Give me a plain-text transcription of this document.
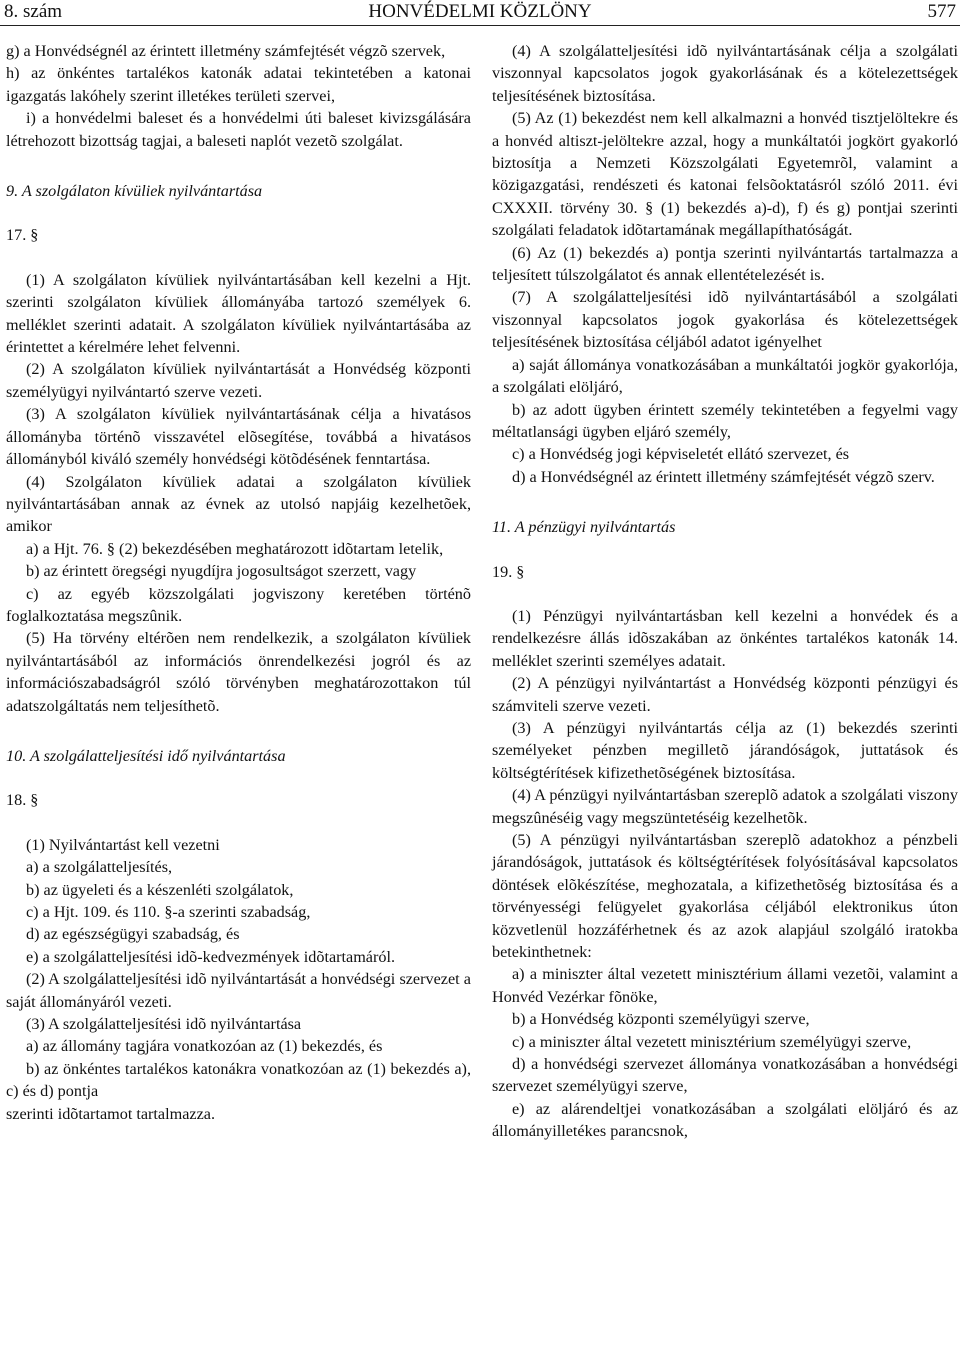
8. szám	HONVÉDELMI KÖZLÖNY	577

g) a Honvédségnél az érintett illetmény számfejtését végzõ szervek,

h) az önkéntes tartalékos katonák adatai tekintetében a katonai igazgatás lakóhely szerint illetékes területi szervei,

i) a honvédelmi baleset és a honvédelmi úti baleset kivizsgálására létrehozott bizottság tagjai, a baleseti naplót vezetõ szolgálat.

9. A szolgálaton kívüliek nyilvántartása

17. §

(1) A szolgálaton kívüliek nyilvántartásában kell kezelni a Hjt. szerinti szolgálaton kívüliek állományába tartozó személyek 6. melléklet szerinti adatait. A szolgálaton kívüliek nyilvántartásába az érintettet a kérelmére lehet felvenni.

(2) A szolgálaton kívüliek nyilvántartását a Honvédség központi személyügyi nyilvántartó szerve vezeti.

(3) A szolgálaton kívüliek nyilvántartásának célja a hivatásos állományba történõ visszavétel elõsegítése, továbbá a hivatásos állományból kiváló személy honvédségi kötõdésének fenntartása.

(4) Szolgálaton kívüliek adatai a szolgálaton kívüliek nyilvántartásában annak az évnek az utolsó napjáig kezelhetõek, amikor

a) a Hjt. 76. § (2) bekezdésében meghatározott idõtartam letelik,

b) az érintett öregségi nyugdíjra jogosultságot szerzett, vagy

c) az egyéb közszolgálati jogviszony keretében történõ foglalkoztatása megszûnik.

(5) Ha törvény eltérõen nem rendelkezik, a szolgálaton kívüliek nyilvántartásából az információs önrendelkezési jogról és az információszabadságról szóló törvényben meghatározottakon túl adatszolgáltatás nem teljesíthetõ.

10. A szolgálatteljesítési idő nyilvántartása

18. §

(1) Nyilvántartást kell vezetni

a) a szolgálatteljesítés,

b) az ügyeleti és a készenléti szolgálatok,

c) a Hjt. 109. és 110. §-a szerinti szabadság,

d) az egészségügyi szabadság, és

e) a szolgálatteljesítési idõ-kedvezmények idõtartamáról.

(2) A szolgálatteljesítési idõ nyilvántartását a honvédségi szervezet a saját állományáról vezeti.

(3) A szolgálatteljesítési idõ nyilvántartása

a) az állomány tagjára vonatkozóan az (1) bekezdés, és

b) az önkéntes tartalékos katonákra vonatkozóan az (1) bekezdés a), c) és d) pontja

szerinti idõtartamot tartalmazza.

(4) A szolgálatteljesítési idõ nyilvántartásának célja a szolgálati viszonnyal kapcsolatos jogok gyakorlásának és a kötelezettségek teljesítésének biztosítása.

(5) Az (1) bekezdést nem kell alkalmazni a honvéd tisztjelöltekre és a honvéd altiszt-jelöltekre azzal, hogy a munkáltatói jogkört gyakorló biztosítja a Nemzeti Közszolgálati Egyetemrõl, valamint a közigazgatási, rendészeti és katonai felsõoktatásról szóló 2011. évi CXXXII. törvény 30. § (1) bekezdés a)-d), f) és g) pontjai szerinti szolgálati feladatok idõtartamának megállapíthatóságát.

(6) Az (1) bekezdés a) pontja szerinti nyilvántartás tartalmazza a teljesített túlszolgálatot és annak ellentételezését is.

(7) A szolgálatteljesítési idõ nyilvántartásából a szolgálati viszonnyal kapcsolatos jogok gyakorlása és kötelezettségek teljesítésének biztosítása céljából adatot igényelhet

a) saját állománya vonatkozásában a munkáltatói jogkör gyakorlója, a szolgálati elöljáró,

b) az adott ügyben érintett személy tekintetében a fegyelmi vagy méltatlansági ügyben eljáró személy,

c) a Honvédség jogi képviseletét ellátó szervezet, és

d) a Honvédségnél az érintett illetmény számfejtését végzõ szerv.

11. A pénzügyi nyilvántartás

19. §

(1) Pénzügyi nyilvántartásban kell kezelni a honvédek és a rendelkezésre állás idõszakában az önkéntes tartalékos katonák 14. melléklet szerinti személyes adatait.

(2) A pénzügyi nyilvántartást a Honvédség központi pénzügyi és számviteli szerve vezeti.

(3) A pénzügyi nyilvántartás célja az (1) bekezdés szerinti személyeket pénzben megilletõ járandóságok, juttatások és költségtérítések kifizethetõségének biztosítása.

(4) A pénzügyi nyilvántartásban szereplõ adatok a szolgálati viszony megszûnéséig vagy megszüntetéséig kezelhetõk.

(5) A pénzügyi nyilvántartásban szereplõ adatokhoz a pénzbeli járandóságok, juttatások és költségtérítések folyósításával kapcsolatos döntések elõkészítése, meghozatala, a kifizethetõség biztosítása és a törvényességi felügyelet gyakorlása céljából elektronikus úton közvetlenül hozzáférhetnek és az azok alapjául szolgáló iratokba betekinthetnek:

a) a miniszter által vezetett minisztérium állami vezetõi, valamint a Honvéd Vezérkar fõnöke,

b) a Honvédség központi személyügyi szerve,

c) a miniszter által vezetett minisztérium személyügyi szerve,

d) a honvédségi szervezet állománya vonatkozásában a honvédségi szervezet személyügyi szerve,

e) az alárendeltjei vonatkozásában a szolgálati elöljáró és az állományilletékes parancsnok,
